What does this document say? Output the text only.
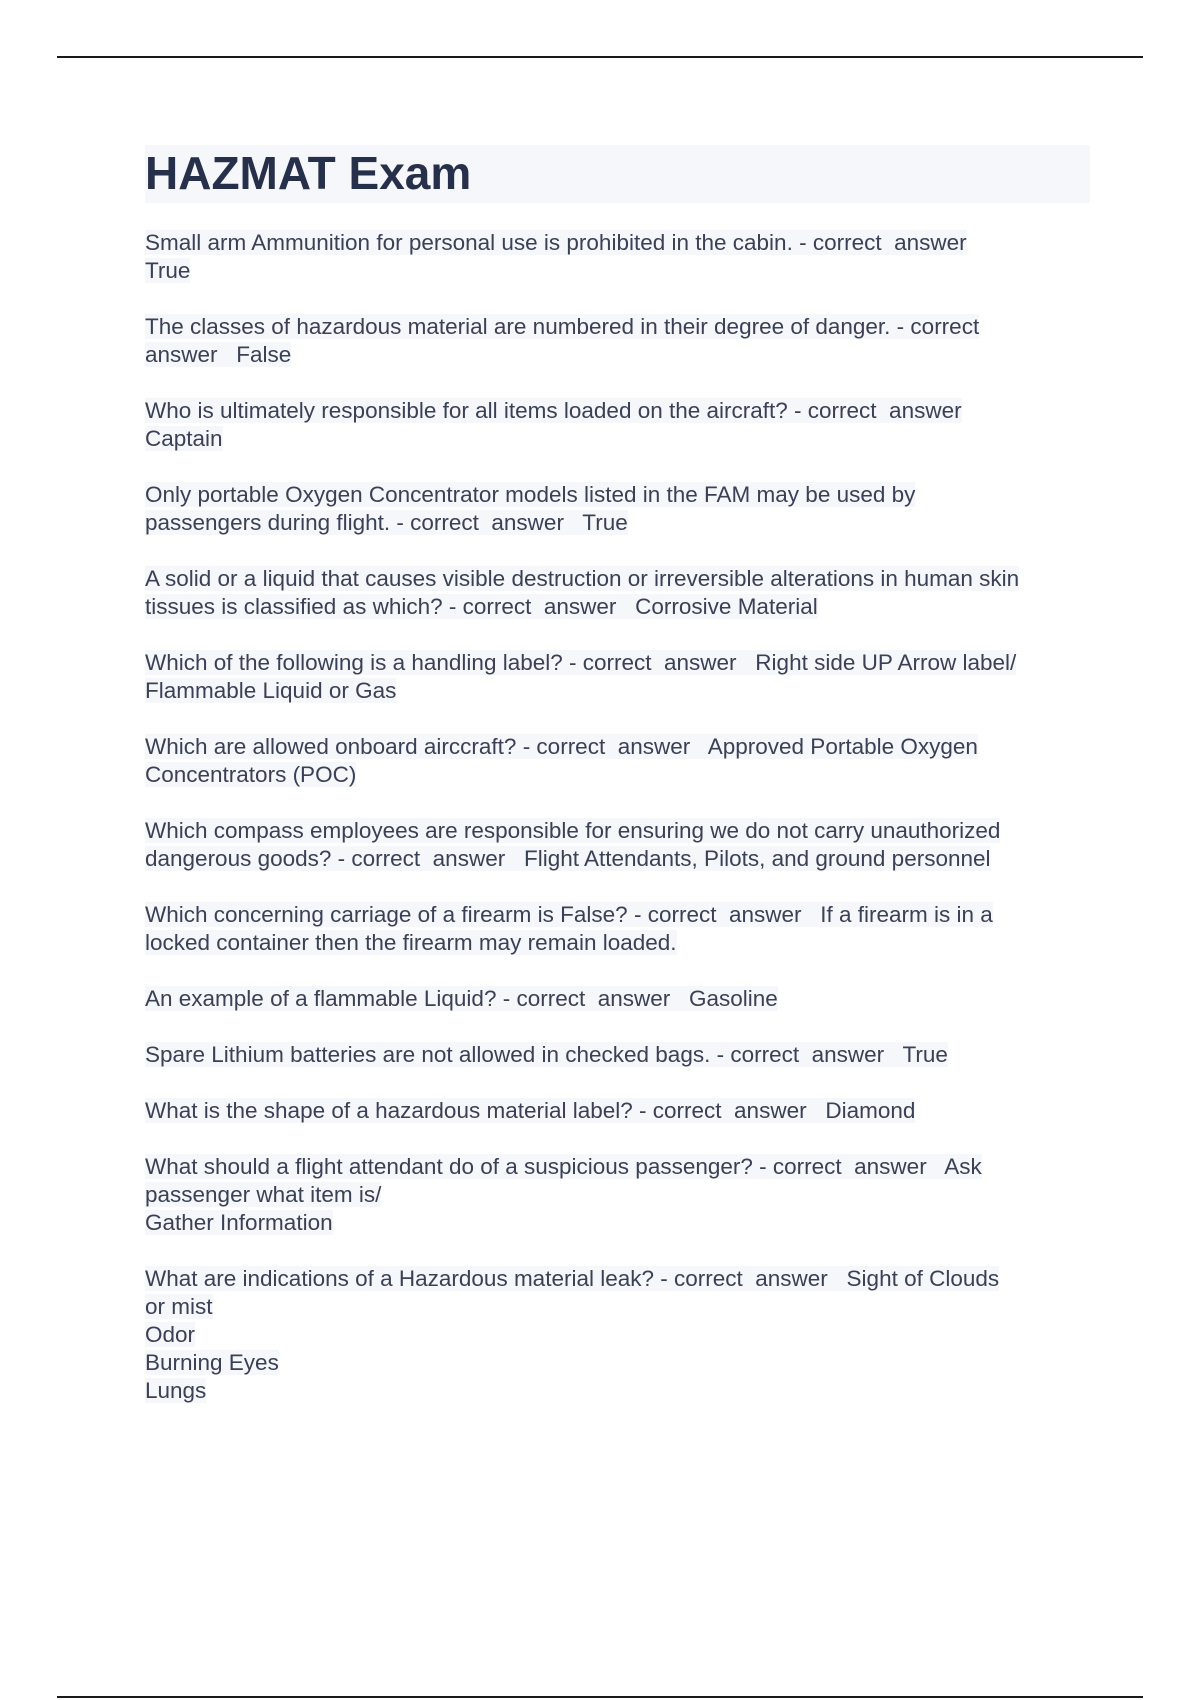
HAZMAT Exam
Small arm Ammunition for personal use is prohibited in the cabin. - correct  answer
True
The classes of hazardous material are numbered in their degree of danger. - correct
answer   False
Who is ultimately responsible for all items loaded on the aircraft? - correct  answer
Captain
Only portable Oxygen Concentrator models listed in the FAM may be used by
passengers during flight. - correct  answer   True
A solid or a liquid that causes visible destruction or irreversible alterations in human skin
tissues is classified as which? - correct  answer   Corrosive Material
Which of the following is a handling label? - correct  answer   Right side UP Arrow label/
Flammable Liquid or Gas
Which are allowed onboard airccraft? - correct  answer   Approved Portable Oxygen
Concentrators (POC)
Which compass employees are responsible for ensuring we do not carry unauthorized
dangerous goods? - correct  answer   Flight Attendants, Pilots, and ground personnel
Which concerning carriage of a firearm is False? - correct  answer   If a firearm is in a
locked container then the firearm may remain loaded.
An example of a flammable Liquid? - correct  answer   Gasoline
Spare Lithium batteries are not allowed in checked bags. - correct  answer   True
What is the shape of a hazardous material label? - correct  answer   Diamond
What should a flight attendant do of a suspicious passenger? - correct  answer   Ask
passenger what item is/
Gather Information
What are indications of a Hazardous material leak? - correct  answer   Sight of Clouds
or mist
Odor
Burning Eyes
Lungs
